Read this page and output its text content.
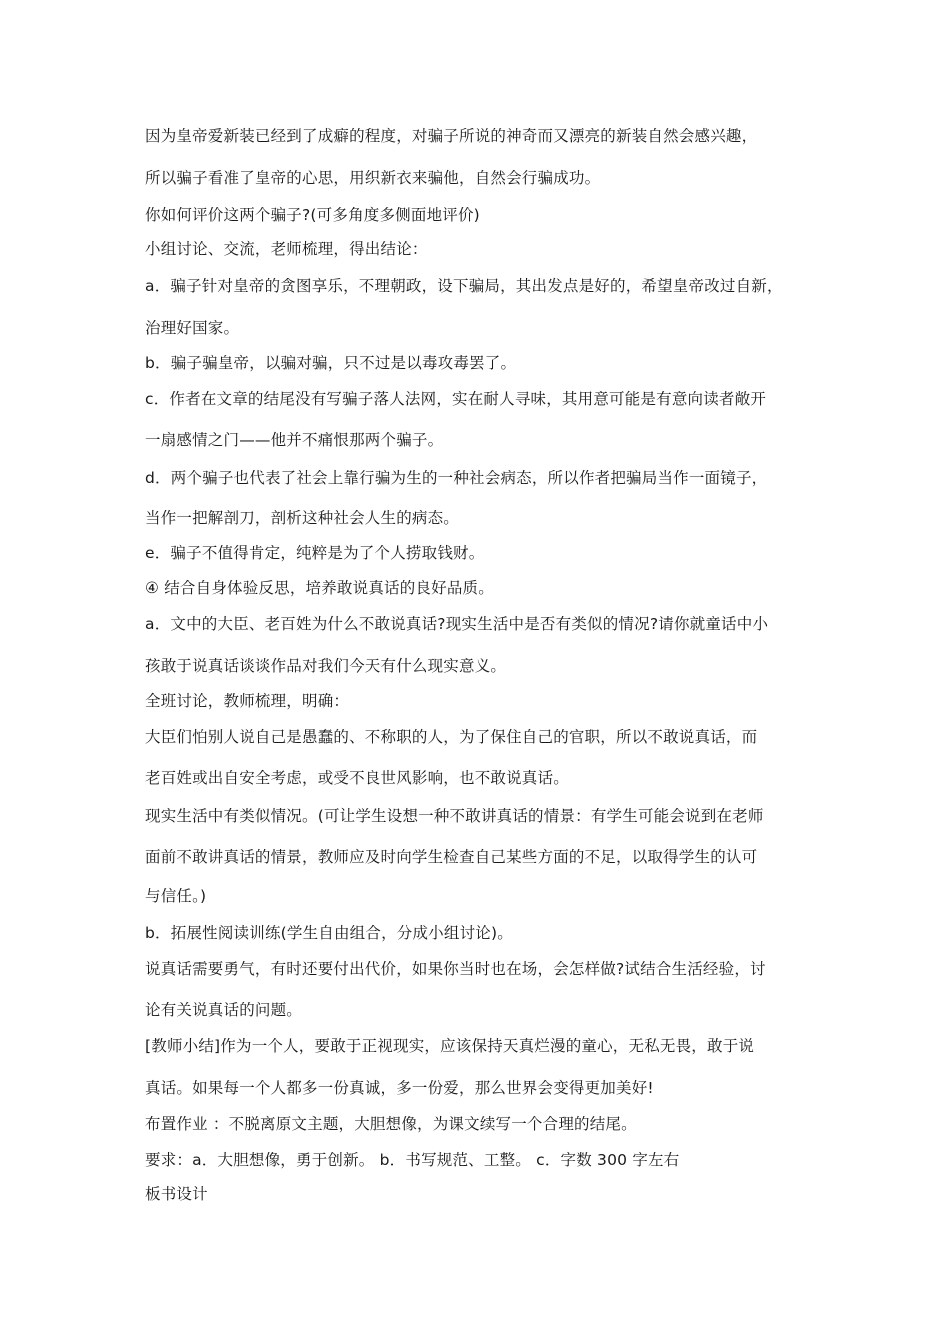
因为皇帝爱新装已经到了成癖的程度，对骗子所说的神奇而又漂亮的新装自然会感兴趣，
所以骗子看准了皇帝的心思，用织新衣来骗他，自然会行骗成功。
你如何评价这两个骗子?(可多角度多侧面地评价)
小组讨论、交流，老师梳理，得出结论：
a．骗子针对皇帝的贪图享乐，不理朝政，设下骗局，其出发点是好的，希望皇帝改过自新，
治理好国家。
b．骗子骗皇帝，以骗对骗，只不过是以毒攻毒罢了。
c．作者在文章的结尾没有写骗子落人法网，实在耐人寻味，其用意可能是有意向读者敞开
一扇感情之门——他并不痛恨那两个骗子。
d．两个骗子也代表了社会上靠行骗为生的一种社会病态，所以作者把骗局当作一面镜子，
当作一把解剖刀，剖析这种社会人生的病态。
e．骗子不值得肯定，纯粹是为了个人捞取钱财。
④ 结合自身体验反思，培养敢说真话的良好品质。
a．文中的大臣、老百姓为什么不敢说真话?现实生活中是否有类似的情况?请你就童话中小
孩敢于说真话谈谈作品对我们今天有什么现实意义。
全班讨论，教师梳理，明确：
大臣们怕别人说自己是愚蠢的、不称职的人，为了保住自己的官职，所以不敢说真话，而
老百姓或出自安全考虑，或受不良世风影响，也不敢说真话。
现实生活中有类似情况。(可让学生设想一种不敢讲真话的情景：有学生可能会说到在老师
面前不敢讲真话的情景，教师应及时向学生检查自己某些方面的不足，以取得学生的认可
与信任。)
b．拓展性阅读训练(学生自由组合，分成小组讨论)。
说真话需要勇气，有时还要付出代价，如果你当时也在场，会怎样做?试结合生活经验，讨
论有关说真话的问题。
[教师小结]作为一个人，要敢于正视现实，应该保持天真烂漫的童心，无私无畏，敢于说
真话。如果每一个人都多一份真诚，多一份爱，那么世界会变得更加美好!
布置作业 ：不脱离原文主题，大胆想像，为课文续写一个合理的结尾。
要求：a．大胆想像，勇于创新。 b．书写规范、工整。 c．字数 300 字左右
板书设计
